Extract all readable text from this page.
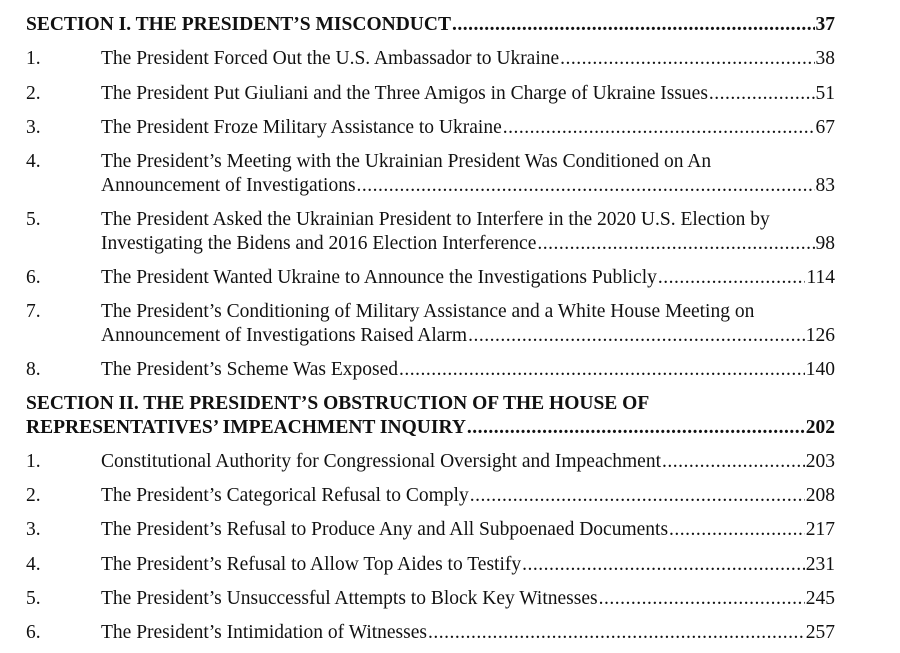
SECTION I. THE PRESIDENT’S MISCONDUCT .....	37
1.	The President Forced Out the U.S. Ambassador to Ukraine .....	38
2.	The President Put Giuliani and the Three Amigos in Charge of Ukraine Issues .....	51
3.	The President Froze Military Assistance to Ukraine .....	67
4.	The President’s Meeting with the Ukrainian President Was Conditioned on An
Announcement of Investigations .....	83
5.	The President Asked the Ukrainian President to Interfere in the 2020 U.S. Election by
Investigating the Bidens and 2016 Election Interference .....	98
6.	The President Wanted Ukraine to Announce the Investigations Publicly .....	114
7.	The President’s Conditioning of Military Assistance and a White House Meeting on
Announcement of Investigations Raised Alarm .....	126
8.	The President’s Scheme Was Exposed .....	140
SECTION II. THE PRESIDENT’S OBSTRUCTION OF THE HOUSE OF
REPRESENTATIVES’ IMPEACHMENT INQUIRY .....	202
1.	Constitutional Authority for Congressional Oversight and Impeachment .....	203
2.	The President’s Categorical Refusal to Comply .....	208
3.	The President’s Refusal to Produce Any and All Subpoenaed Documents .....	217
4.	The President’s Refusal to Allow Top Aides to Testify .....	231
5.	The President’s Unsuccessful Attempts to Block Key Witnesses .....	245
6.	The President’s Intimidation of Witnesses .....	257
